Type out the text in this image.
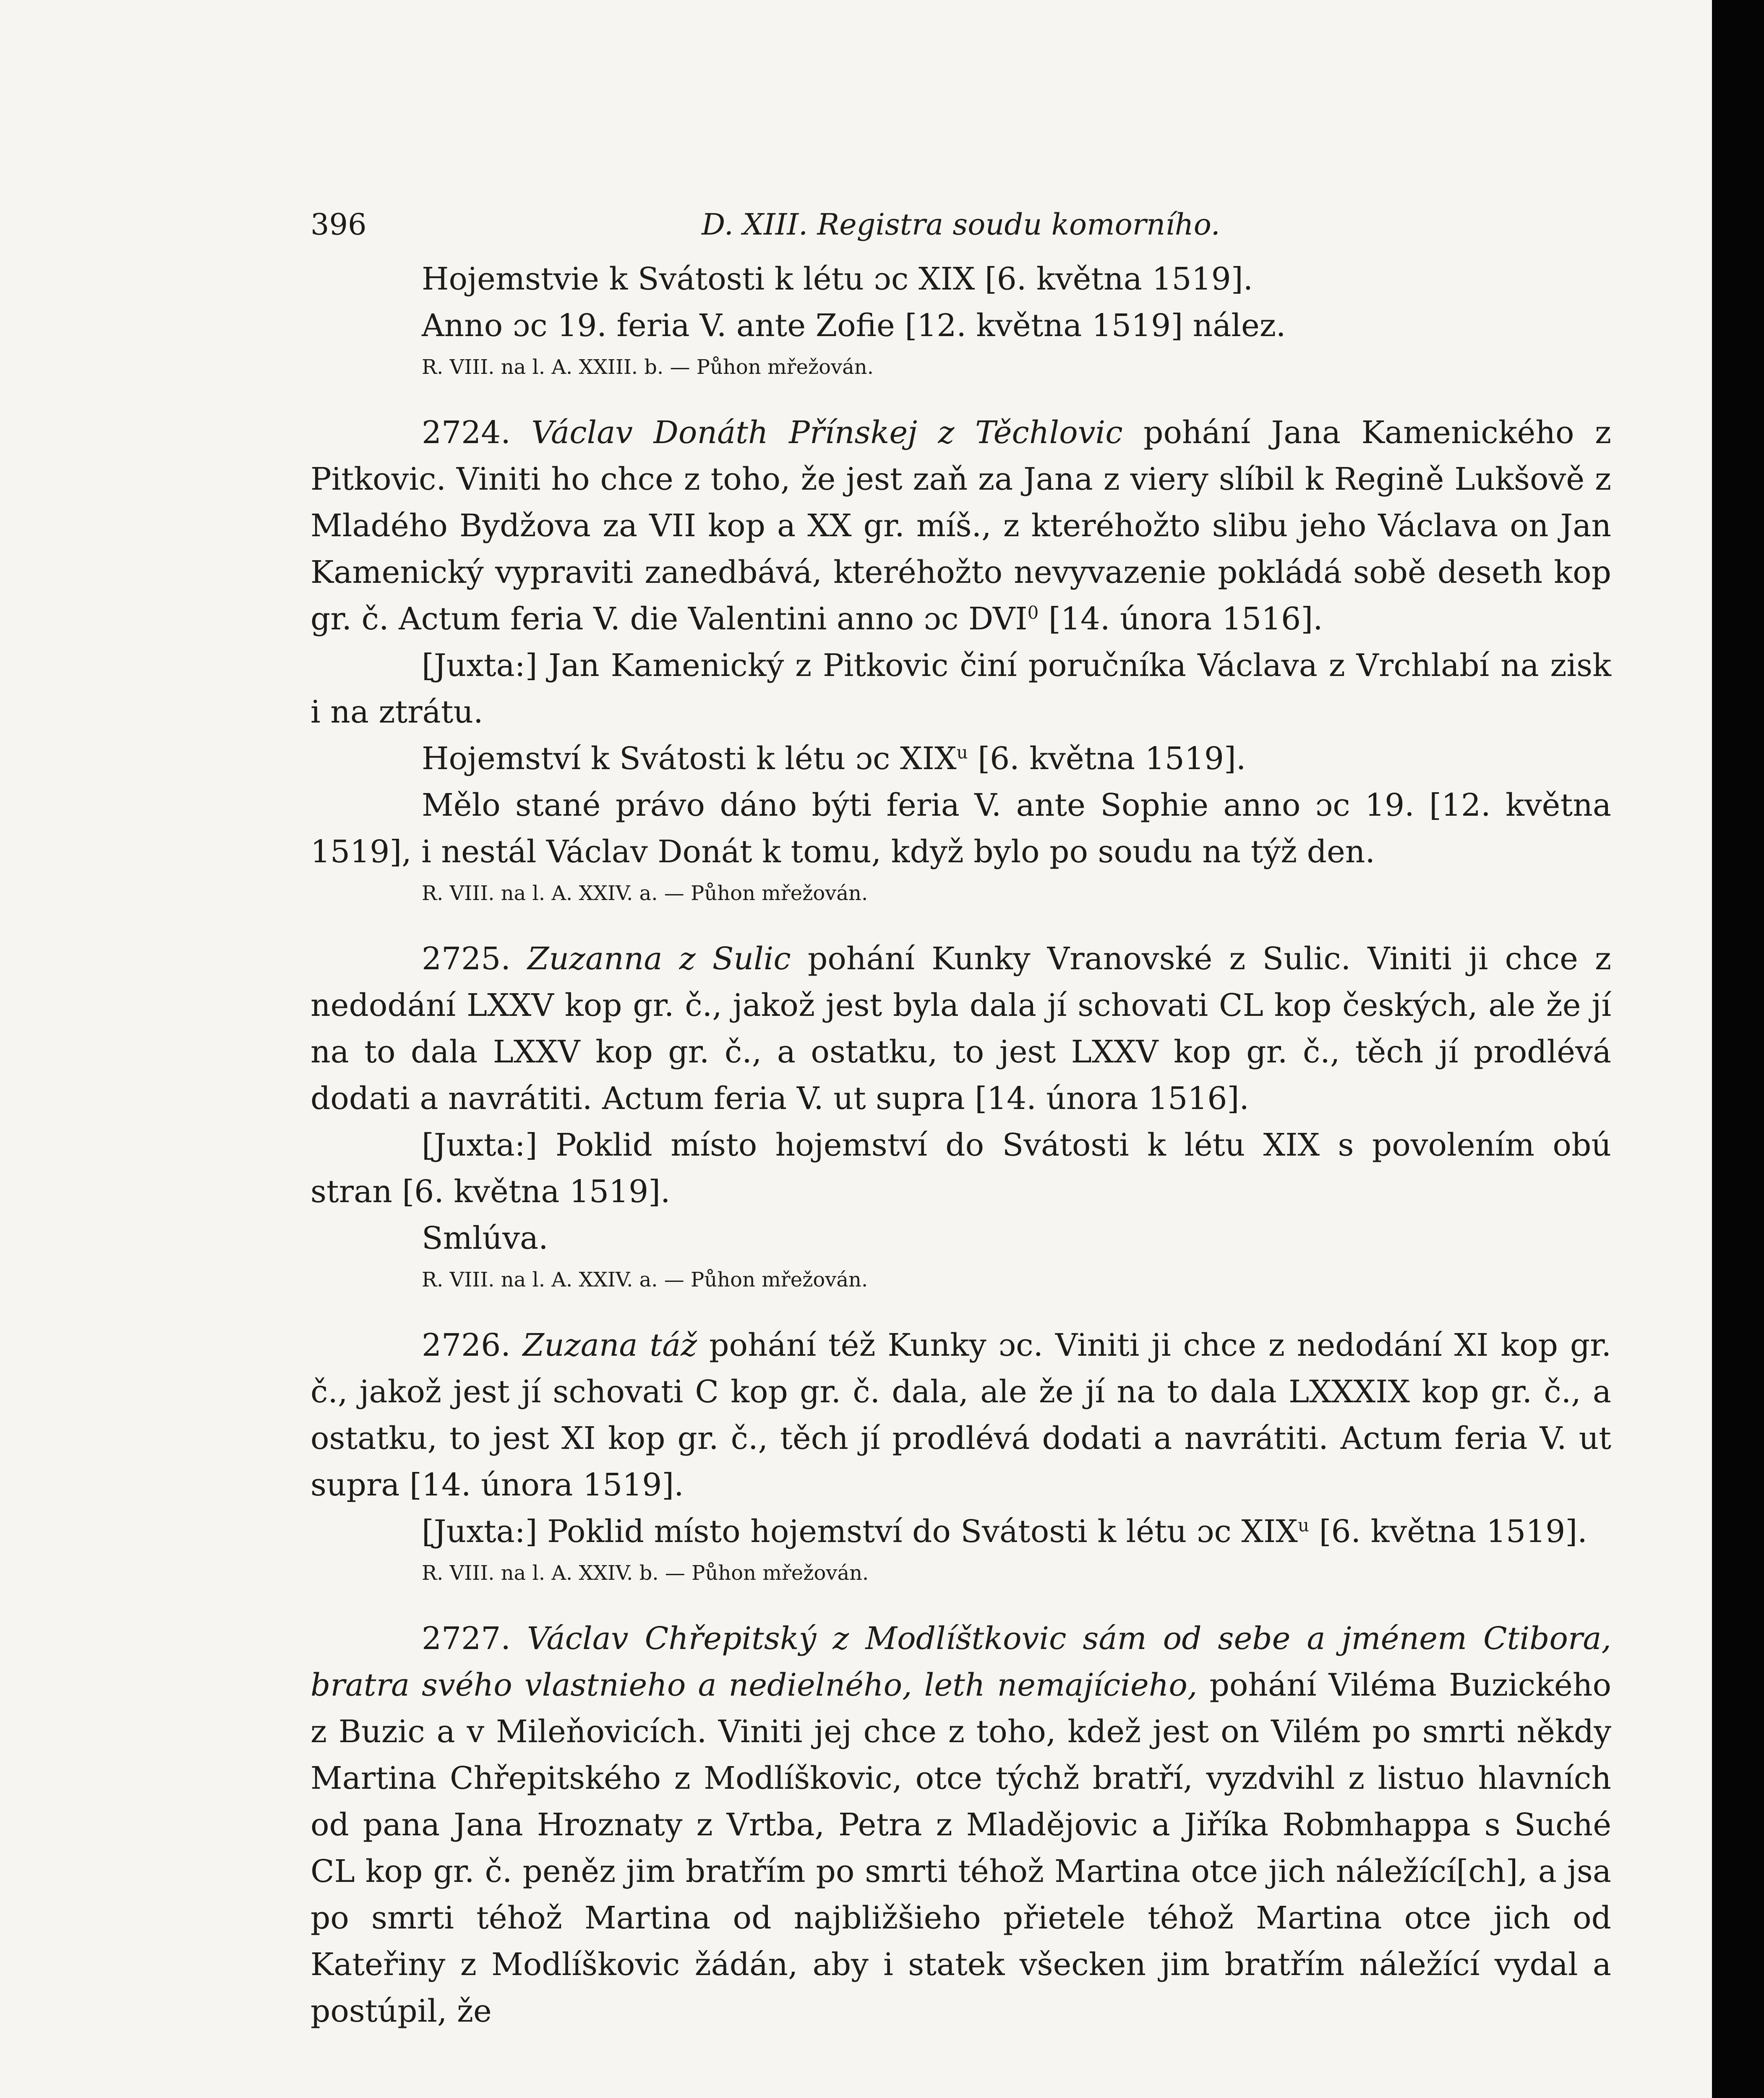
396	D. XIII. Registra soudu komorního.

Hojemstvie k Svátosti k létu ɔc XIX [6. května 1519].

Anno ɔc 19. feria V. ante Zofie [12. května 1519] nález.

R. VIII. na l. A. XXIII. b. — Půhon mřežován.

2724. Václav Donáth Přínskej z Těchlovic pohání Jana Kamenického z Pitkovic. Viniti ho chce z toho, že jest zaň za Jana z viery slíbil k Regině Lukšově z Mladého Bydžova za VII kop a XX gr. míš., z kteréhožto slibu jeho Václava on Jan Kamenický vypraviti zanedbává, kteréhožto nevyvazenie pokládá sobě deseth kop gr. č. Actum feria V. die Valentini anno ɔc DVI$^0$ [14. února 1516].

[Juxta:] Jan Kamenický z Pitkovic činí poručníka Václava z Vrchlabí na zisk i na ztrátu.

Hojemství k Svátosti k létu ɔc XIX$^u$ [6. května 1519].

Mělo stané právo dáno býti feria V. ante Sophie anno ɔc 19. [12. května 1519], i nestál Václav Donát k tomu, když bylo po soudu na týž den.

R. VIII. na l. A. XXIV. a. — Půhon mřežován.

2725. Zuzanna z Sulic pohání Kunky Vranovské z Sulic. Viniti ji chce z nedodání LXXV kop gr. č., jakož jest byla dala jí schovati CL kop českých, ale že jí na to dala LXXV kop gr. č., a ostatku, to jest LXXV kop gr. č., těch jí prodlévá dodati a navrátiti. Actum feria V. ut supra [14. února 1516].

[Juxta:] Poklid místo hojemství do Svátosti k létu XIX s povolením obú stran [6. května 1519].

Smlúva.

R. VIII. na l. A. XXIV. a. — Půhon mřežován.

2726. Zuzana táž pohání též Kunky ɔc. Viniti ji chce z nedodání XI kop gr. č., jakož jest jí schovati C kop gr. č. dala, ale že jí na to dala LXXXIX kop gr. č., a ostatku, to jest XI kop gr. č., těch jí prodlévá dodati a navrátiti. Actum feria V. ut supra [14. února 1519].

[Juxta:] Poklid místo hojemství do Svátosti k létu ɔc XIX$^u$ [6. května 1519].

R. VIII. na l. A. XXIV. b. — Půhon mřežován.

2727. Václav Chřepitský z Modlíštkovic sám od sebe a jménem Ctibora, bratra svého vlastnieho a nedielného, leth nemajícieho, pohání Viléma Buzického z Buzic a v Mileňovicích. Viniti jej chce z toho, kdež jest on Vilém po smrti někdy Martina Chřepitského z Modlíškovic, otce týchž bratří, vyzdvihl z listuo hlavních od pana Jana Hroznaty z Vrtba, Petra z Mladějovic a Jiříka Robmhappa s Suché CL kop gr. č. peněz jim bratřím po smrti téhož Martina otce jich náležící[ch], a jsa po smrti téhož Martina od najbližšieho přietele téhož Martina otce jich od Kateřiny z Modlíškovic žádán, aby i statek všecken jim bratřím náležící vydal a postúpil, že
